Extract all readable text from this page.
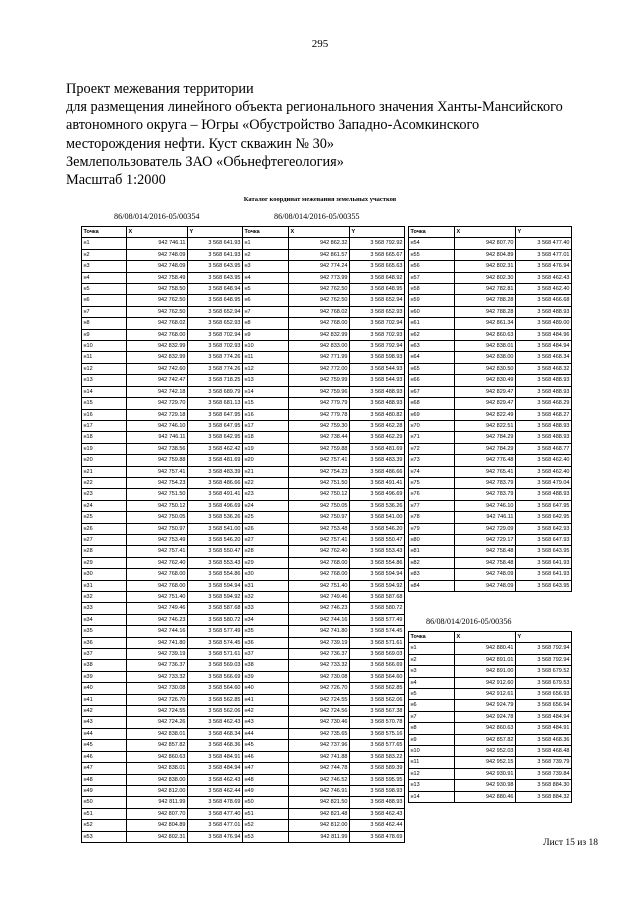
295
Проект межевания территории
для размещения линейного объекта регионального значения Ханты-Мансийского
автономного округа – Югры «Обустройство Западно-Асомкинского
месторождения нефти. Куст скважин № 30»
Землепользователь ЗАО «Обьнефтегеология»
Масштаб 1:2000
Каталог координат межевания земельных участков
86/08/014/2016-05/00354	86/08/014/2016-05/00355
86/08/014/2016-05/00356
Точка	X	Y
н1	942 746.11	3 568 641.93
н2	942 748.09	3 568 641.93
н3	942 748.09	3 568 643.95
н4	942 758.49	3 568 643.95
н5	942 758.50	3 568 648.94
н6	942 762.50	3 568 648.95
н7	942 762.50	3 568 652.94
н8	942 768.02	3 568 652.93
н9	942 768.00	3 568 702.94
н10	942 832.99	3 568 702.93
н11	942 832.99	3 568 774.26
н12	942 742.60	3 568 774.26
н13	942 742.47	3 568 718.25
н14	942 742.18	3 568 689.79
н15	942 729.70	3 568 681.13
н16	942 729.18	3 568 647.95
н17	942 746.10	3 568 647.95
н18	942 746.11	3 568 642.95
н19	942 738.56	3 568 462.42
н20	942 759.88	3 568 481.69
н21	942 757.41	3 568 483.39
н22	942 754.23	3 568 486.66
н23	942 751.50	3 568 491.41
н24	942 750.12	3 568 496.69
н25	942 750.05	3 568 536.26
н26	942 750.97	3 568 541.00
н27	942 753.49	3 568 546.20
н28	942 757.41	3 568 550.47
н29	942 762.40	3 568 553.43
н30	942 768.00	3 568 554.86
н31	942 768.00	3 568 594.94
н32	942 751.40	3 568 594.92
н33	942 749.46	3 568 587.68
н34	942 746.23	3 568 580.72
н35	942 744.16	3 568 577.49
н36	942 741.80	3 568 574.45
н37	942 739.19	3 568 571.61
н38	942 736.37	3 568 569.03
н39	942 733.32	3 568 566.69
н40	942 730.08	3 568 564.60
н41	942 726.70	3 568 562.85
н42	942 724.55	3 568 562.06
н43	942 724.26	3 568 462.43
н44	942 838.01	3 568 468.34
н45	942 857.82	3 568 468.36
н46	942 860.63	3 568 484.91
н47	942 838.01	3 568 484.94
н48	942 838.00	3 568 462.43
н49	942 812.00	3 568 462.44
н50	942 811.99	3 568 478.69
н51	942 807.70	3 568 477.40
н52	942 804.89	3 568 477.01
н53	942 802.31	3 568 476.94
Точка	X	Y
н1	942 862.32	3 568 792.92
н2	942 861.57	3 568 665.67
н3	942 774.24	3 568 665.63
н4	942 773.99	3 568 648.92
н5	942 762.50	3 568 648.95
н6	942 762.50	3 568 652.94
н7	942 768.02	3 568 652.93
н8	942 768.00	3 568 702.94
н9	942 832.99	3 568 702.93
н10	942 833.00	3 568 792.94
н11	942 771.99	3 568 598.93
н12	942 772.00	3 568 544.93
н13	942 759.99	3 568 544.93
н14	942 759.96	3 568 488.93
н15	942 779.79	3 568 488.93
н16	942 779.78	3 568 480.82
н17	942 759.30	3 568 462.28
н18	942 738.44	3 568 462.29
н19	942 759.88	3 568 481.69
н20	942 757.41	3 568 483.39
н21	942 754.23	3 568 486.66
н22	942 751.50	3 568 491.41
н23	942 750.12	3 568 496.69
н24	942 750.05	3 568 536.26
н25	942 750.97	3 568 541.00
н26	942 753.48	3 568 546.20
н27	942 757.41	3 568 550.47
н28	942 762.40	3 568 553.43
н29	942 768.00	3 568 554.86
н30	942 768.00	3 568 594.94
н31	942 751.40	3 568 594.92
н32	942 749.46	3 568 587.68
н33	942 746.23	3 568 580.72
н34	942 744.16	3 568 577.49
н35	942 741.80	3 568 574.45
н36	942 739.19	3 568 571.61
н37	942 736.37	3 568 569.03
н38	942 733.32	3 568 566.69
н39	942 730.08	3 568 564.60
н40	942 726.70	3 568 562.85
н41	942 724.55	3 568 562.06
н42	942 724.56	3 568 567.38
н43	942 730.46	3 568 570.78
н44	942 735.65	3 568 575.16
н45	942 737.96	3 568 577.65
н46	942 741.88	3 568 583.22
н47	942 744.78	3 568 589.39
н48	942 746.52	3 568 595.95
н49	942 746.91	3 568 598.93
н50	942 821.50	3 568 488.93
н51	942 821.48	3 568 462.43
н52	942 812.00	3 568 462.44
н53	942 811.99	3 568 478.69
Точка	X	Y
н54	942 807.70	3 568 477.40
н55	942 804.89	3 568 477.01
н56	942 802.31	3 568 476.94
н57	942 802.30	3 568 462.43
н58	942 782.81	3 568 462.40
н59	942 788.28	3 568 466.68
н60	942 788.28	3 568 488.93
н61	942 861.34	3 568 489.00
н62	942 860.63	3 568 484.96
н63	942 838.01	3 568 484.94
н64	942 838.00	3 568 468.34
н65	942 830.50	3 568 468.32
н66	942 830.49	3 568 488.93
н67	942 829.47	3 568 488.93
н68	942 829.47	3 568 468.29
н69	942 822.49	3 568 468.27
н70	942 822.51	3 568 488.93
н71	942 784.29	3 568 488.93
н72	942 784.29	3 568 468.77
н73	942 776.48	3 568 462.40
н74	942 765.41	3 568 462.40
н75	942 783.79	3 568 479.04
н76	942 783.79	3 568 488.93
н77	942 746.10	3 568 647.95
н78	942 746.11	3 568 642.95
н79	942 729.09	3 568 642.93
н80	942 729.17	3 568 647.93
н81	942 758.48	3 568 643.95
н82	942 758.48	3 568 641.93
н83	942 748.09	3 568 641.93
н84	942 748.09	3 568 643.95
Точка	X	Y
н1	942 880.41	3 568 792.94
н2	942 891.01	3 568 792.94
н3	942 891.00	3 568 679.52
н4	942 912.60	3 568 679.53
н5	942 912.61	3 568 656.93
н6	942 924.79	3 568 656.94
н7	942 924.78	3 568 484.94
н8	942 860.63	3 568 484.91
н9	942 857.82	3 568 468.36
н10	942 952.03	3 568 468.48
н11	942 952.15	3 568 739.79
н12	942 930.91	3 568 739.84
н13	942 930.98	3 568 884.30
н14	942 880.46	3 568 884.32
Лист 15 из 18
